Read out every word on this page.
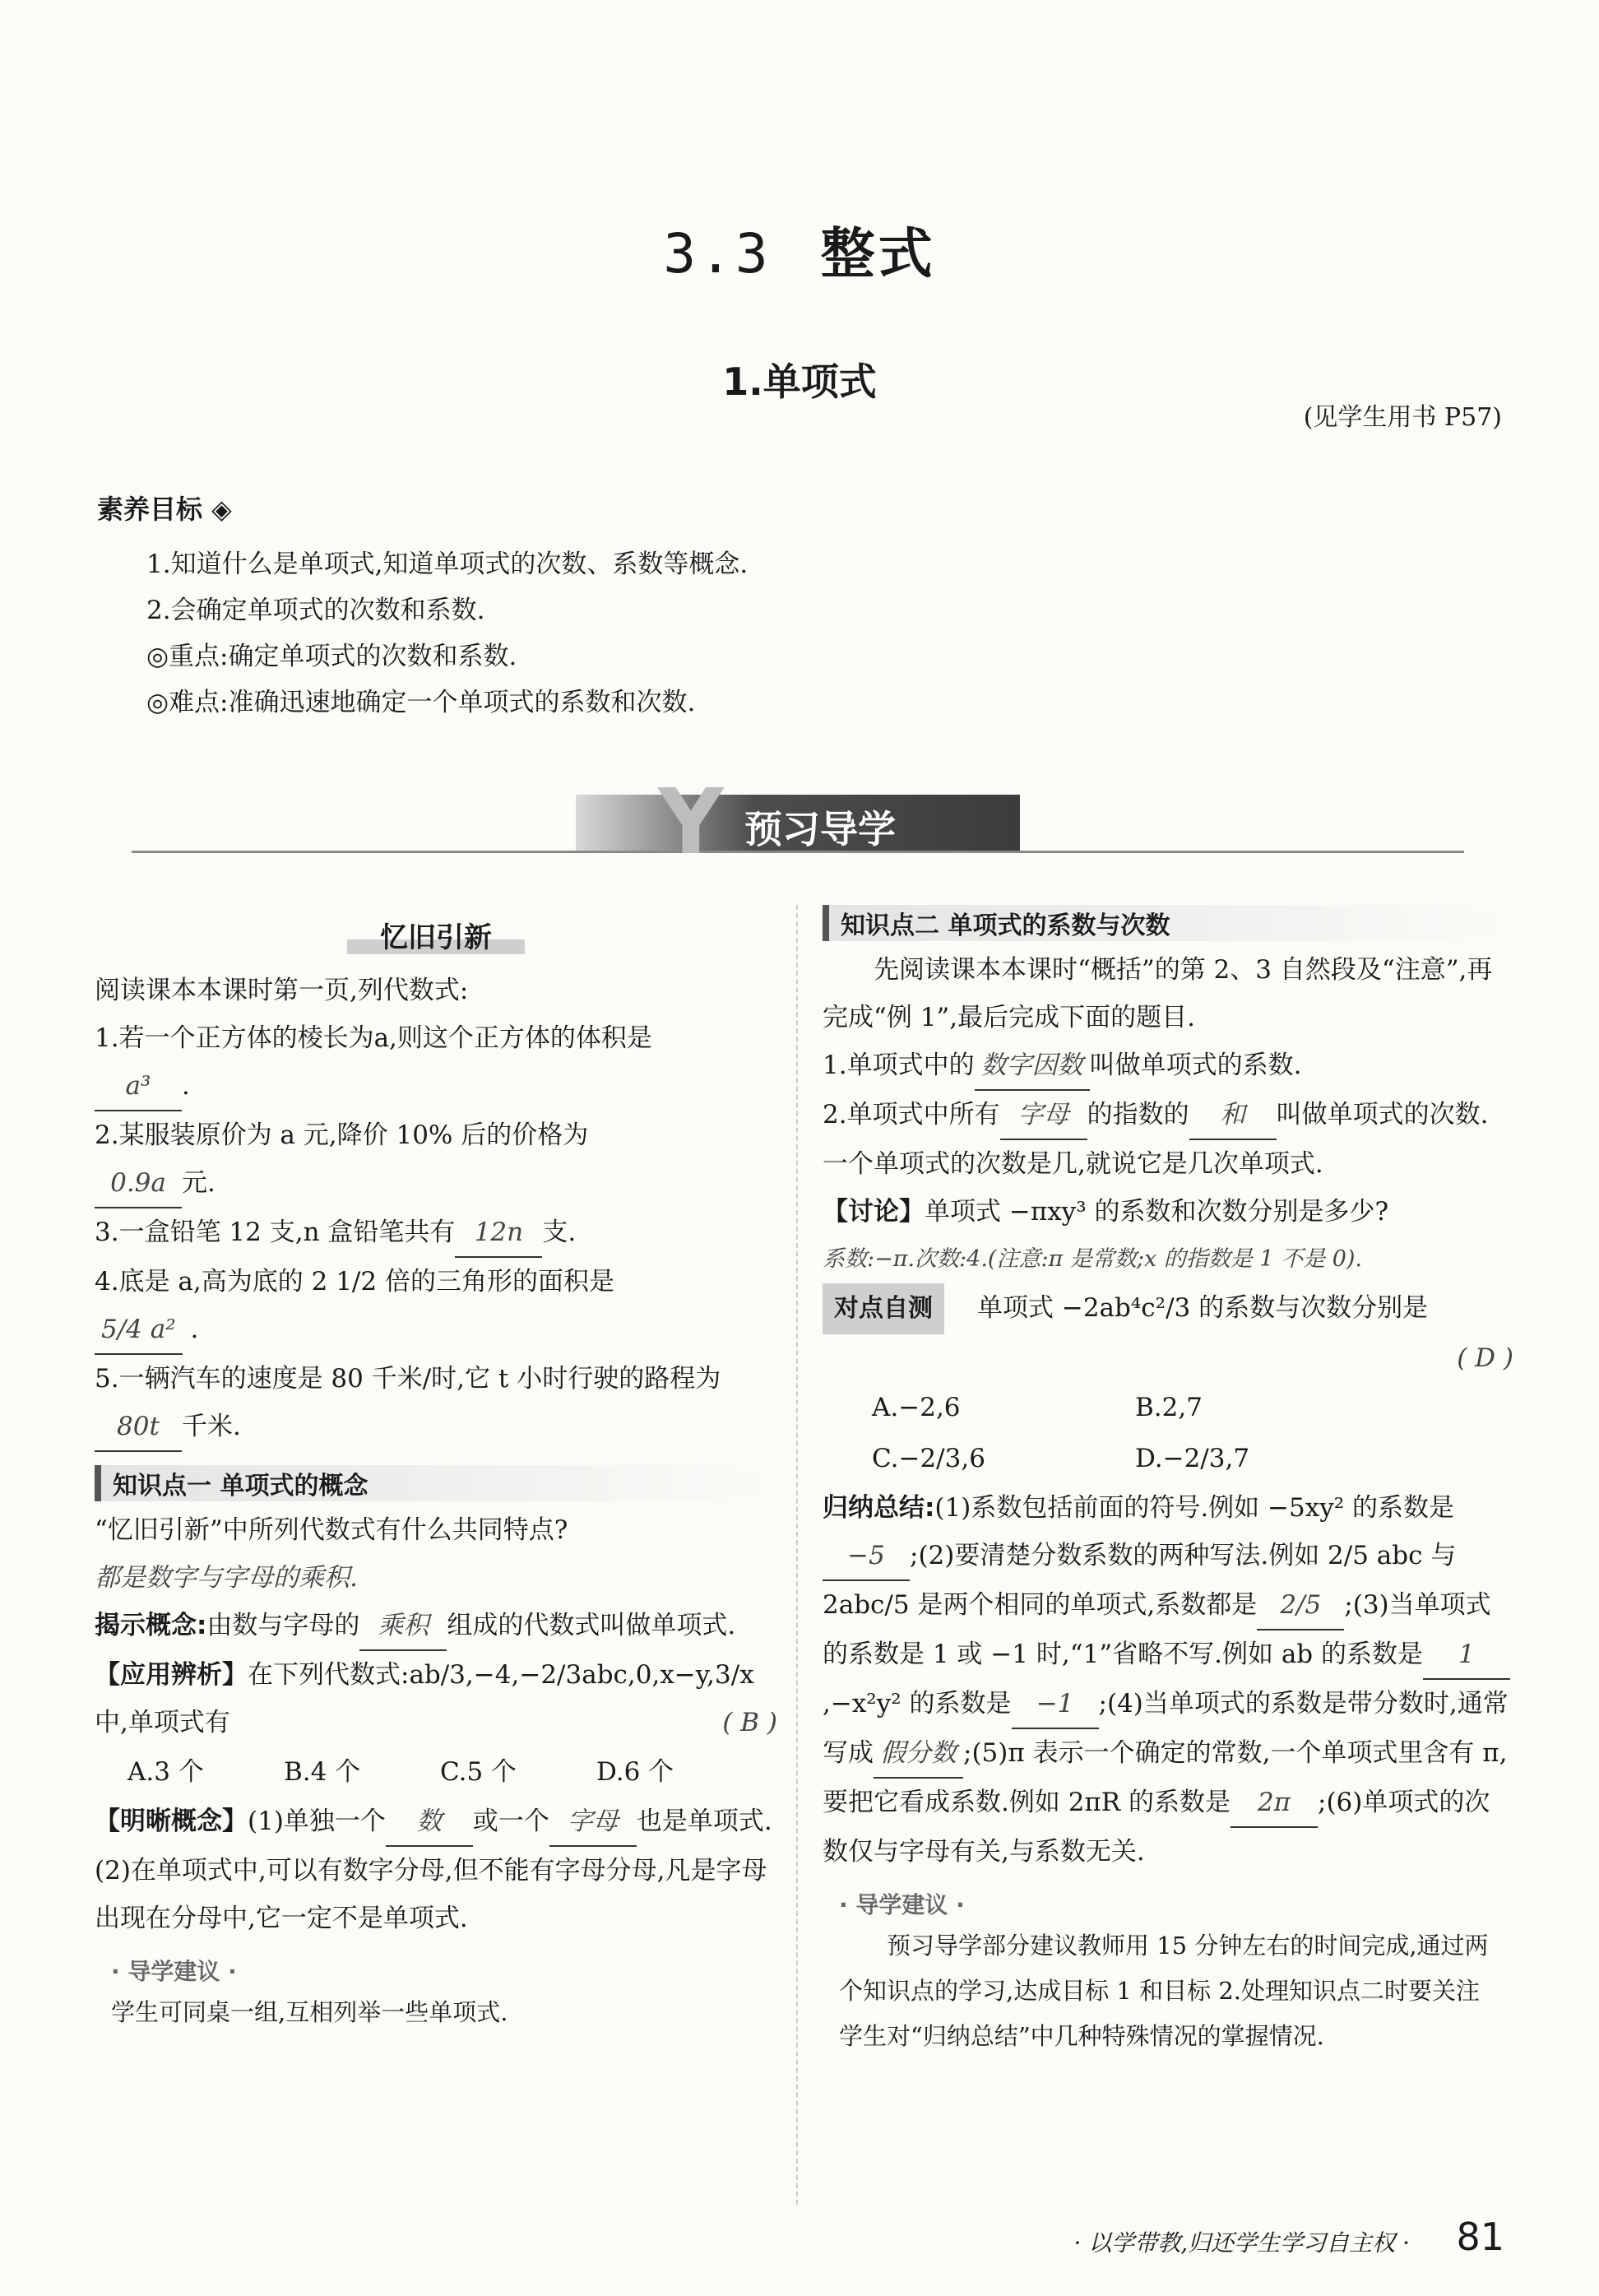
3.3 整式
1.单项式
(见学生用书 P57)
素养目标 ◈
1.知道什么是单项式,知道单项式的次数、系数等概念.
2.会确定单项式的次数和系数.
◎重点:确定单项式的次数和系数.
◎难点:准确迅速地确定一个单项式的系数和次数.
Y 预习导学
忆旧引新

阅读课本本课时第一页,列代数式:

1.若一个正方体的棱长为a,则这个正方体的体积是
a³ .

2.某服装原价为 a 元,降价 10% 后的价格为
0.9a 元.

3.一盒铅笔 12 支,n 盒铅笔共有 12n 支.

4.底是 a,高为底的 2 1/2 倍的三角形的面积是
5/4 a² .

5.一辆汽车的速度是 80 千米/时,它 t 小时行驶的路程为80t 千米.

知识点一 单项式的概念

“忆旧引新”中所列代数式有什么共同特点?

都是数字与字母的乘积.

揭示概念:由数与字母的 乘积 组成的代数式叫做单项式.

【应用辨析】在下列代数式:ab/3,−4,−2/3abc,0,x−y,3/x 中,单项式有	( B )

A.3 个	B.4 个	C.5 个	D.6 个

【明晰概念】(1)单独一个 数 或一个 字母 也是单项式.(2)在单项式中,可以有数字分母,但不能有字母分母,凡是字母出现在分母中,它一定不是单项式.

· 导学建议 ·

学生可同桌一组,互相列举一些单项式.

知识点二 单项式的系数与次数

先阅读课本本课时“概括”的第 2、3 自然段及“注意”,再完成“例 1”,最后完成下面的题目.

1.单项式中的 数字因数 叫做单项式的系数.

2.单项式中所有 字母 的指数的 和 叫做单项式的次数.一个单项式的次数是几,就说它是几次单项式.

【讨论】单项式 −πxy³ 的系数和次数分别是多少?

系数:−π.次数:4.(注意:π 是常数;x 的指数是 1 不是 0).

对点自测 单项式 −2ab⁴c²/3 的系数与次数分别是

( D )

A.−2,6	B.2,7
C.−2/3,6	D.−2/3,7

归纳总结:(1)系数包括前面的符号.例如 −5xy² 的系数是−5 ;(2)要清楚分数系数的两种写法.例如 2/5 abc 与 2abc/5 是两个相同的单项式,系数都是 2/5 ;(3)当单项式的系数是 1 或 −1 时,“1”省略不写.例如 ab 的系数是 1,−x²y² 的系数是 −1 ;(4)当单项式的系数是带分数时,通常写成 假分数 ;(5)π 表示一个确定的常数,一个单项式里含有 π,要把它看成系数.例如 2πR 的系数是 2π ;(6)单项式的次数仅与字母有关,与系数无关.

· 导学建议 ·

预习导学部分建议教师用 15 分钟左右的时间完成,通过两个知识点的学习,达成目标 1 和目标 2.处理知识点二时要关注学生对“归纳总结”中几种特殊情况的掌握情况.

· 以学带教,归还学生学习自主权 · 81
